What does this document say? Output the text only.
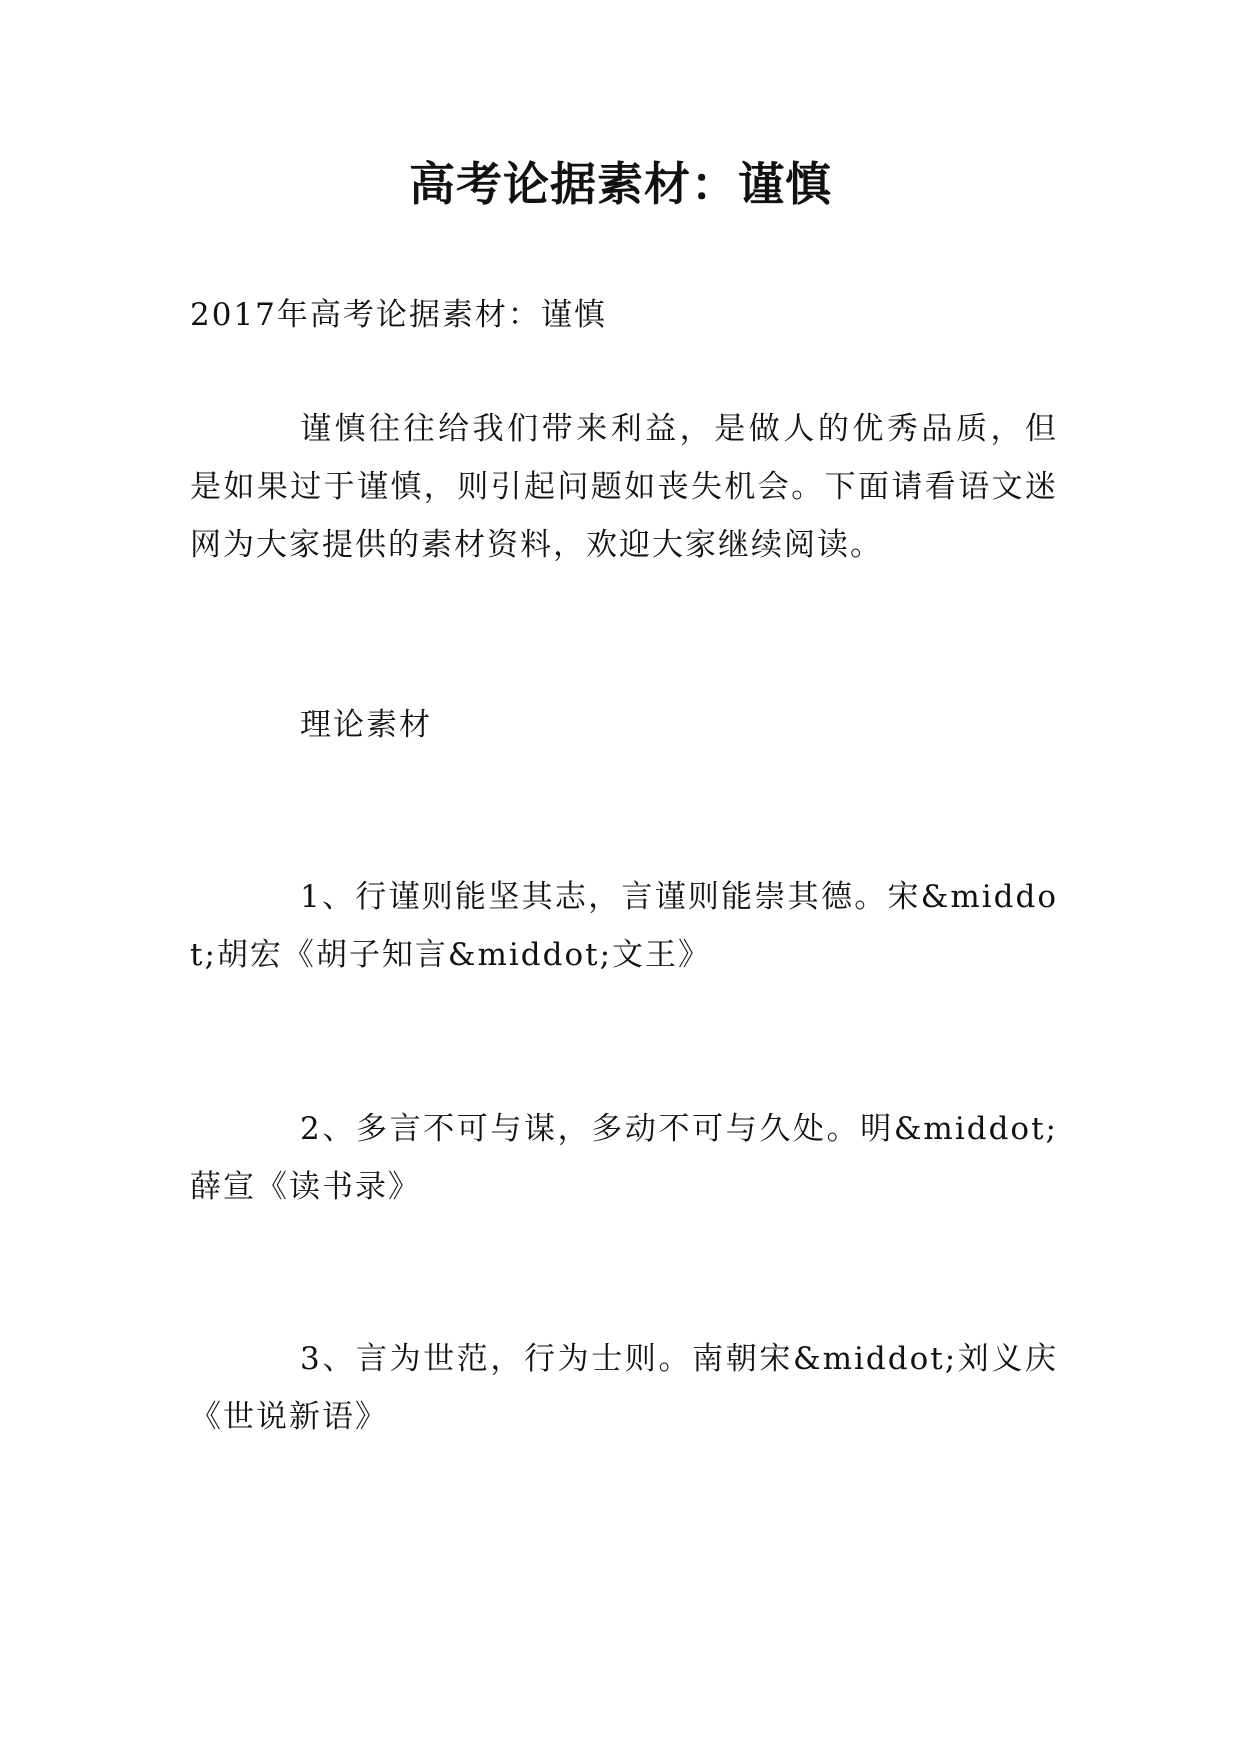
高考论据素材：谨慎

2017年高考论据素材：谨慎

谨慎往往给我们带来利益，是做人的优秀品质，但是如果过于谨慎，则引起问题如丧失机会。下面请看语文迷网为大家提供的素材资料，欢迎大家继续阅读。

理论素材

1、行谨则能坚其志，言谨则能崇其德。宋&middot;胡宏《胡子知言&middot;文王》

2、多言不可与谋，多动不可与久处。明&middot;薛宣《读书录》

3、言为世范，行为士则。南朝宋&middot;刘义庆《世说新语》
